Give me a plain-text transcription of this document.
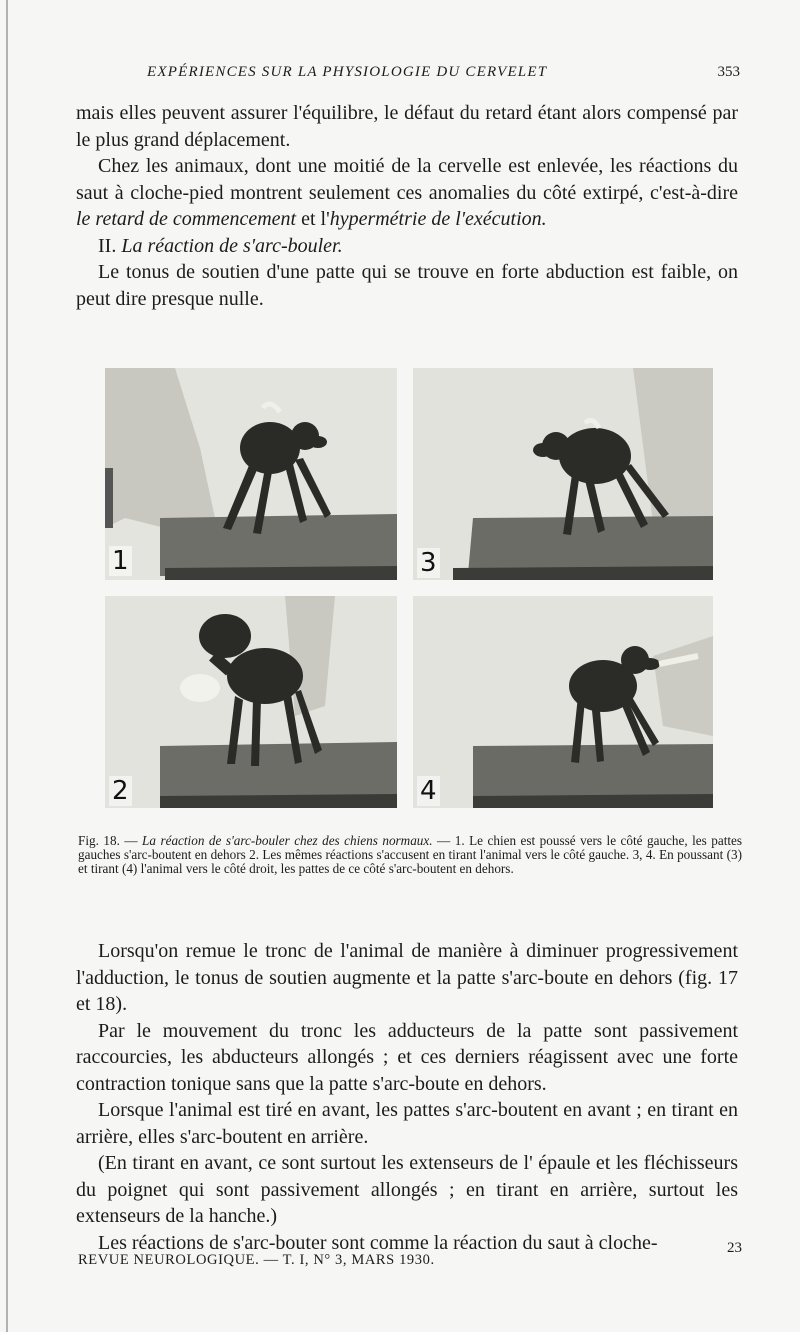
EXPÉRIENCES SUR LA PHYSIOLOGIE DU CERVELET	353

mais elles peuvent assurer l'équilibre, le défaut du retard étant alors compensé par le plus grand déplacement.

Chez les animaux, dont une moitié de la cervelle est enlevée, les réactions du saut à cloche-pied montrent seulement ces anomalies du côté extirpé, c'est-à-dire le retard de commencement et l'hypermétrie de l'exécution.

II. La réaction de s'arc-bouler.

Le tonus de soutien d'une patte qui se trouve en forte abduction est faible, on peut dire presque nulle.

1	3
2	4

Fig. 18. — La réaction de s'arc-bouler chez des chiens normaux. — 1. Le chien est poussé vers le côté gauche, les pattes gauches s'arc-boutent en dehors 2. Les mêmes réactions s'accusent en tirant l'animal vers le côté gauche. 3, 4. En poussant (3) et tirant (4) l'animal vers le côté droit, les pattes de ce côté s'arc-boutent en dehors.

Lorsqu'on remue le tronc de l'animal de manière à diminuer progressivement l'adduction, le tonus de soutien augmente et la patte s'arc-boute en dehors (fig. 17 et 18).

Par le mouvement du tronc les adducteurs de la patte sont passivement raccourcies, les abducteurs allongés ; et ces derniers réagissent avec une forte contraction tonique sans que la patte s'arc-boute en dehors.

Lorsque l'animal est tiré en avant, les pattes s'arc-boutent en avant ; en tirant en arrière, elles s'arc-boutent en arrière.

(En tirant en avant, ce sont surtout les extenseurs de l' épaule et les fléchisseurs du poignet qui sont passivement allongés ; en tirant en arrière, surtout les extenseurs de la hanche.)

Les réactions de s'arc-bouter sont comme la réaction du saut à cloche-

REVUE NEUROLOGIQUE. — T. I, N° 3, MARS 1930.
23
